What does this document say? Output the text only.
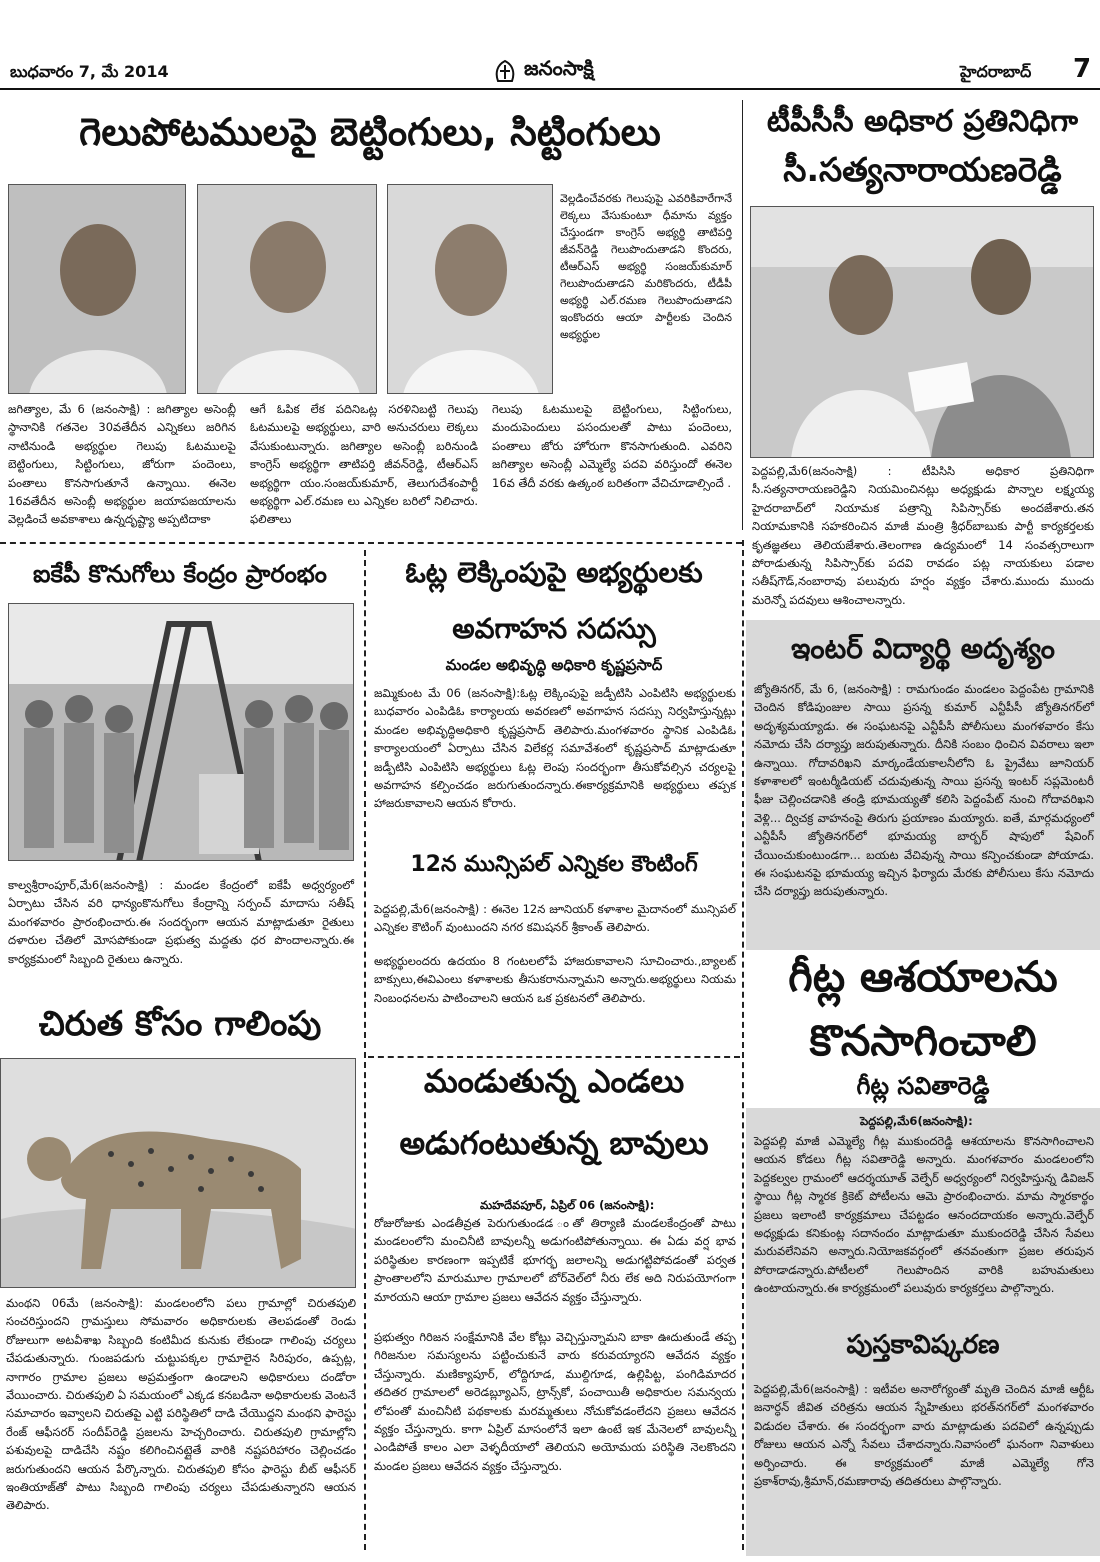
బుధవారం 7, మే 2014	జనంసాక్షి	హైదరాబాద్ 7
గెలుపోటములపై బెట్టింగులు, సిట్టింగులు
వెల్లడించేవరకు గెలుపుపై ఎవరికివారేగానే లెక్కలు వేసుకుంటూ ధీమాను వ్యక్తం చేస్తుండగా కాంగ్రెస్ అభ్యర్థి తాటిపర్తి జీవన్‌రెడ్డి గెలుపొందుతాడని కొందరు, టీఆర్‌ఎస్ అభ్యర్థి సంజయ్‌కుమార్ గెలుపొందుతాడని మరికొందరు, టీడీపీ అభ్యర్థి ఎల్.రమణ గెలుపొందుతాడని ఇంకొందరు ఆయా పార్టీలకు చెందిన అభ్యర్థుల
జగిత్యాల, మే 6 (జనంసాక్షి) : జగిత్యాల అసెంబ్లీ స్థానానికి గతనెల 30వతేదీన ఎన్నికలు జరిగిన నాటినుండి అభ్యర్థుల గెలుపు ఓటములపై బెట్టింగులు, సిట్టింగులు, జోరుగా పందెంలు, పంతాలు కొనసాగుతూనే ఉన్నాయి. ఈనెల 16వతేదీన అసెంబ్లీ అభ్యర్థుల జయాపజయాలను వెల్లడించే అవకాశాలు ఉన్నదృష్ట్యా అప్పటిదాకా
ఆగే ఓపిక లేక పదినిఒట్ల సరళినిబట్టి గెలుపు ఓటములపై అభ్యర్థులు, వారి అనుచరులు లెక్కలు వేసుకుంటున్నారు. జగిత్యాల అసెంబ్లీ బరినుండి కాంగ్రెస్ అభ్యర్థిగా తాటిపర్తి జీవన్‌రెడ్డి, టీఆర్‌ఎస్ అభ్యర్థిగా యం.సంజయ్‌కుమార్, తెలుగుదేశంపార్టీ అభ్యర్థిగా ఎల్.రమణ లు ఎన్నికల బరిలో నిలిచారు. ఫలితాలు
గెలుపు ఓటములపై బెట్టింగులు, సిట్టింగులు, మందుపెందులు పసందులతో పాటు పందెంలు, పంతాలు జోరు హోరుగా కొనసాగుతుంది. ఎవరిని జగిత్యాల అసెంబ్లీ ఎమ్మెల్యే పదవి వరిస్తుందో ఈనెల 16వ తేదీ వరకు ఉత్కంఠ బరితంగా వేచిచూడాల్సిందే .
టీపీసీసీ అధికార ప్రతినిధిగా
సీ.సత్యనారాయణరెడ్డి
పెద్దపల్లి,మే6(జనంసాక్షి) : టీపిసిసి అధికార ప్రతినిధిగా సీ.సత్యనారాయణరెడ్డిని నియమించినట్లు అధ్యక్షుడు పొన్నాల లక్ష్మయ్య హైదరాబాద్‌లో నియామక పత్రాన్ని సిపిస్సార్‌కు అందజేశారు.తన నియామకానికి సహకరించిన మాజీ మంత్రి శ్రీధర్‌బాబుకు పార్టీ కార్యకర్తలకు కృతజ్ఞతలు తెలియజేశారు.తెలంగాణ ఉద్యమంలో 14 సంవత్సరాలుగా పోరాడుతున్న సిపిస్సార్‌కు పదవి రావడం పట్ల నాయకులు పడాల సతీష్‌గౌడ్,నంబారావు పలువురు హర్షం వ్యక్తం చేశారు.ముందు ముందు మరెన్నో పదవులు ఆశించాలన్నారు.
ఐకేపీ కొనుగోలు కేంద్రం ప్రారంభం
కాల్వశ్రీరాంపూర్,మే6(జనంసాక్షి) : మండల కేంద్రంలో ఐకేపీ అధ్వర్యంలో ఏర్పాటు చేసిన వరి ధాన్యంకొనుగోలు కేంద్రాన్ని సర్పంచ్ మాదాసు సతీష్ మంగళవారం ప్రారంభించారు.ఈ సందర్భంగా ఆయన మాట్లాడుతూ రైతులు దళారుల చేతిలో మోసపోకుండా ప్రభుత్వ మద్దతు ధర పొందాలన్నారు.ఈ కార్యక్రమంలో సిబ్బంది రైతులు ఉన్నారు.
చిరుత కోసం గాలింపు
మంథని 06మే (జనంసాక్షి): మండలంలోని పలు గ్రామాల్లో చిరుతపులి సంచరిస్తుందని గ్రామస్తులు సోమవారం అధికారులకు తెలపడంతో రెండు రోజులుగా అటవీశాఖ సిబ్బంది కంటిమీద కునుకు లేకుండా గాలింపు చర్యలు చేపడుతున్నారు. గుంజపడుగు చుట్టుపక్కల గ్రామాలైన సిరిపురం, ఉప్పట్ల, నాగారం గ్రామాల ప్రజలు అప్రమత్తంగా ఉండాలని అధికారులు దండోరా వేయించారు. చిరుతపులి ఏ సమయంలో ఎక్కడ కనబడినా అధికారులకు వెంటనే సమాచారం ఇవ్వాలని చిరుతపై ఎట్టి పరిస్థితిలో దాడి చేయొద్దని మంథని ఫారెస్టు రేంజ్ ఆఫీసరర్ సందీప్‌రెడ్డి ప్రజలను హెచ్చరించారు. చిరుతపులి గ్రామాల్లోని పశువులపై దాడిచేసి నష్టం కలిగించినట్లైతే వారికి నష్టపరిహారం చెల్లించడం జరుగుతుందని ఆయన పేర్కొన్నారు. చిరుతపులి కోసం ఫారెస్టు బీట్ ఆఫీసర్ ఇంతియాజ్‌తో పాటు సిబ్బంది గాలింపు చర్యలు చేపడుతున్నారని ఆయన తెలిపారు.
ఓట్ల లెక్కింపుపై అభ్యర్థులకు
అవగాహన సదస్సు
మండల అభివృద్ధి అధికారి కృష్ణప్రసాద్
జమ్మికుంట మే 06 (జనంసాక్షి):ఓట్ల లెక్కింపుపై జడ్పీటిసి ఎంపిటిసి అభ్యర్థులకు బుధవారం ఎంపిడిఓ కార్యాలయ అవరణలో అవగాహన సదస్సు నిర్వహిస్తున్నట్లు మండల అభివృద్ధిఅధికారి కృష్ణప్రసాద్ తెలిపారు.మంగళవారం స్థానిక ఎంపిడిఓ కార్యాలయంలో ఏర్పాటు చేసిన విలేకర్ల సమావేశంలో కృష్ణప్రసాద్ మాట్లాడుతూ జడ్పీటిసి ఎంపిటిసి అభ్యర్థులు ఓట్ల లెంపు సందర్భంగా తీసుకోవల్సిన చర్యలపై అవగాహన కల్పించడం జరుగుతుందన్నారు.ఈకార్యక్రమానికి అభ్యర్థులు తప్పక హాజరుకావాలని ఆయన కోరారు.
12న మున్సిపల్ ఎన్నికల కౌంటింగ్
పెద్దపల్లి,మే6(జనంసాక్షి) : ఈనెల 12న జూనియర్ కళాశాల మైదానంలో మున్సిపల్ ఎన్నికల కౌటింగ్ వుంటుందని నగర కమిషనర్ శ్రీకాంత్ తెలిపారు.
అభ్యర్థులందరు ఉదయం 8 గంటలలోపే హాజరుకావాలని సూచించారు.,బ్యాలట్ బాక్సులు,ఈవిఎంలు కళాశాలకు తీసుకరానున్నామని అన్నారు.అభ్యర్థులు నియమ నింబంధనలను పాటించాలని ఆయన ఒక ప్రకటనలో తెలిపారు.
మండుతున్న ఎండలు
అడుగంటుతున్న బావులు
మహదేవపూర్, ఏప్రిల్ 06 (జనంసాక్షి):
రోజురోజుకు ఎండతీవ్రత పెరుగుతుండడ ంతో తిర్యాణి మండలకేంద్రంతో పాటు మండలంలోని మంచినీటి బావులన్నీ అడుగంటిపోతున్నాయి. ఈ ఏడు వర్ష భావ పరిస్థితుల కారణంగా ఇప్పటికే భూగర్భ జలాలన్ని అడుగట్టిపోవడంతో పర్వత ప్రాంతాలలోని మారుమూల గ్రామాలలో బోర్‌వెల్‌లో నీరు లేక అది నిరుపయోగంగా మారయని ఆయా గ్రామాల ప్రజలు ఆవేదన వ్యక్తం చేస్తున్నారు.
ప్రభుత్వం గిరిజన సంక్షేమానికి వేల కోట్లు వెచ్చిస్తున్నామని బాకా ఊదుతుండే తప్ప గిరిజనుల సమస్యలను పట్టించుకునే వారు కరువయ్యారని ఆవేదన వ్యక్తం చేస్తున్నారు. మణిక్యాపూర్, లోద్దిగూడ, ముల్దిగూడ, ఉల్లిపిట్ట, పంగిడిమాదర తదితర గ్రామాలలో అరెడబ్ల్యూఎస్, ట్రాన్స్‌కో, పంచాయితీ అధికారుల సమన్వయ లోపంతో మంచినీటి పథకాలకు మరమ్మతులు నోచుకోవడంలేదని ప్రజలు ఆవేదన వ్యక్తం చేస్తున్నారు. కాగా ఏప్రిల్ మాసంలోనే ఇలా ఉంటే ఇక మేనెలలో బావులన్నీ ఎండిపోతే కాలం ఎలా వెళ్ళదీయాలో తెలియని అయోమయ పరిస్థితి నెలకొందని మండల ప్రజలు ఆవేదన వ్యక్తం చేస్తున్నారు.
ఇంటర్ విద్యార్థి అదృశ్యం
జ్యోతినగర్, మే 6, (జనంసాక్షి) : రామగుండం మండలం పెద్దంపేట గ్రామానికి చెందిన కోడిపుంజుల సాయి ప్రసన్న కుమార్ ఎన్టీపీసీ జ్యోతినగర్‌లో అదృశ్యమయ్యాడు. ఈ సంఘటనపై ఎన్టీపీసీ పోలీసులు మంగళవారం కేసు నమోదు చేసి దర్యాప్తు జరుపుతున్నారు. దీనికి సంబం ధించిన వివరాలు ఇలా ఉన్నాయి. గోదావరిఖని మార్కండేయకాలనీలోని ఓ ప్రైవేటు జూనియర్ కళాశాలలో ఇంటర్మీడియట్ చదువుతున్న సాయి ప్రసన్న ఇంటర్ సప్లమెంటరీ ఫీజు చెల్లించడానికి తండ్రి భూమయ్యతో కలిసి పెద్దంపేట్ నుంచి గోదావరిఖని వెళ్లి... ద్విచక్ర వాహనంపై తిరుగు ప్రయాణం మయ్యారు. ఐతే, మార్గమధ్యంలో ఎన్టీపీసీ జ్యోతినగర్‌లో భూమయ్య బార్బర్ షాపులో షేవింగ్ చేయించుకుంటుండగా... బయట వేచివున్న సాయి కన్పించకుండా పోయాడు. ఈ సంఘటనపై భూమయ్య ఇచ్చిన ఫిర్యాదు మేరకు పోలీసులు కేసు నమోదు చేసి దర్యాప్తు జరుపుతున్నారు.
గీట్ల ఆశయాలను
కొనసాగించాలి
గీట్ల సవితారెడ్డి
పెద్దపల్లి,మే6(జనంసాక్షి):
పెద్దపల్లి మాజీ ఎమ్మెల్యే గీట్ల ముకుందరెడ్డి ఆశయాలను కొనసాగించాలని ఆయన కోడలు గీట్ల సవితారెడ్డి అన్నారు. మంగళవారం మండలంలోని పెద్దకల్వల గ్రామంలో ఆదర్శయూత్ వెల్ఫేర్ అధ్వర్యంలో నిర్వహిస్తున్న డివిజన్ స్థాయి గీట్ల స్మారక క్రికెట్ పోటీలను ఆమె ప్రారంభించారు. మామ స్మారకార్థం ప్రజలు ఇలాంటి కార్యక్రమాలు చేపట్టడం ఆనందదాయకం అన్నారు.వెల్ఫేర్ అధ్యక్షుడు కనికుంట్ల సదానందం మాట్లాడుతూ ముకుందరెడ్డి చేసిన సేవలు మరువలేనివని అన్నారు.నియోజకవర్గంలో తనవంతుగా ప్రజల తరుపున పోరాడాడన్నారు.పోటీలలో గెలుపొందిన వారికి బహుమతులు ఉంటాయన్నారు.ఈ కార్యక్రమంలో పలువురు కార్యకర్తలు పాల్గొన్నారు.
పుస్తకావిష్కరణ
పెద్దపల్లి,మే6(జనంసాక్షి) : ఇటీవల అనారోగ్యంతో మృతి చెందిన మాజీ ఆర్టీఓ జనార్ధన్ జీవిత చరిత్రను ఆయన స్నేహితులు భరత్‌నగర్‌లో మంగళవారం విడుదల చేశారు. ఈ సందర్భంగా వారు మాట్లాడుతు పదవిలో ఉన్నప్పుడు రోజులు ఆయన ఎన్నో సేవలు చేశాదన్నారు.నివాసంలో ఘనంగా నివాళులు అర్పించారు. ఈ కార్యక్రమంలో మాజీ ఎమ్మెల్యే గోనె ప్రకాశ్‌రావు,శ్రీమాన్,రమణారావు తదితరులు పాల్గొన్నారు.
